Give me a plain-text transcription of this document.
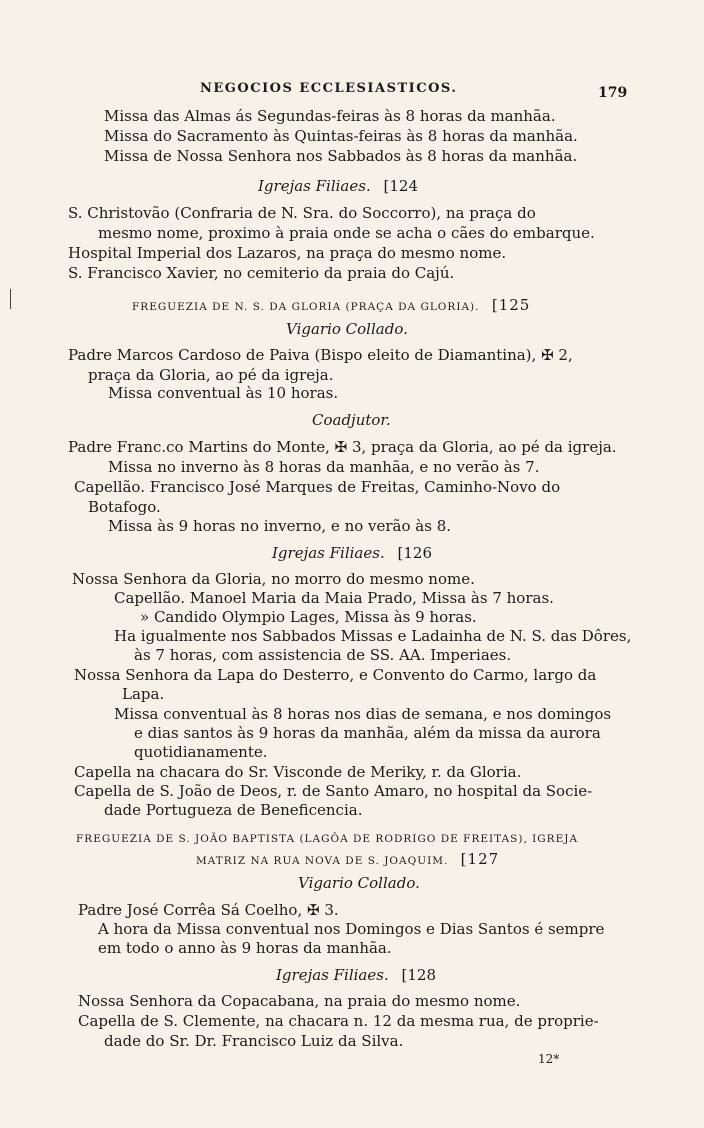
NEGOCIOS ECCLESIASTICOS.	179
Missa das Almas ás Segundas-feiras às 8 horas da manhãa.
Missa do Sacramento às Quintas-feiras às 8 horas da manhãa.
Missa de Nossa Senhora nos Sabbados às 8 horas da manhãa.
Igrejas Filiaes. [124
S. Christovão (Confraria de N. Sra. do Soccorro), na praça do
mesmo nome, proximo à praia onde se acha o cães do embarque.
Hospital Imperial dos Lazaros, na praça do mesmo nome.
S. Francisco Xavier, no cemiterio da praia do Cajú.
FREGUEZIA DE N. S. DA GLORIA (PRAÇA DA GLORIA). [125
Vigario Collado.
Padre Marcos Cardoso de Paiva (Bispo eleito de Diamantina), ✠ 2,
praça da Gloria, ao pé da igreja.
Missa conventual às 10 horas.
Coadjutor.
Padre Franc.co Martins do Monte, ✠ 3, praça da Gloria, ao pé da igreja.
Missa no inverno às 8 horas da manhãa, e no verão às 7.
Capellão. Francisco José Marques de Freitas, Caminho-Novo do
Botafogo.
Missa às 9 horas no inverno, e no verão às 8.
Igrejas Filiaes. [126
Nossa Senhora da Gloria, no morro do mesmo nome.
Capellão. Manoel Maria da Maia Prado, Missa às 7 horas.
» Candido Olympio Lages, Missa às 9 horas.
Ha igualmente nos Sabbados Missas e Ladainha de N. S. das Dôres,
às 7 horas, com assistencia de SS. AA. Imperiaes.
Nossa Senhora da Lapa do Desterro, e Convento do Carmo, largo da
Lapa.
Missa conventual às 8 horas nos dias de semana, e nos domingos
e dias santos às 9 horas da manhãa, além da missa da aurora
quotidianamente.
Capella na chacara do Sr. Visconde de Meriky, r. da Gloria.
Capella de S. João de Deos, r. de Santo Amaro, no hospital da Socie-
dade Portugueza de Beneficencia.
FREGUEZIA DE S. JOÃO BAPTISTA (LAGÔA DE RODRIGO DE FREITAS), IGREJA
MATRIZ NA RUA NOVA DE S. JOAQUIM. [127
Vigario Collado.
Padre José Corrêa Sá Coelho, ✠ 3.
A hora da Missa conventual nos Domingos e Dias Santos é sempre
em todo o anno às 9 horas da manhãa.
Igrejas Filiaes. [128
Nossa Senhora da Copacabana, na praia do mesmo nome.
Capella de S. Clemente, na chacara n. 12 da mesma rua, de proprie-
dade do Sr. Dr. Francisco Luiz da Silva.
12*
